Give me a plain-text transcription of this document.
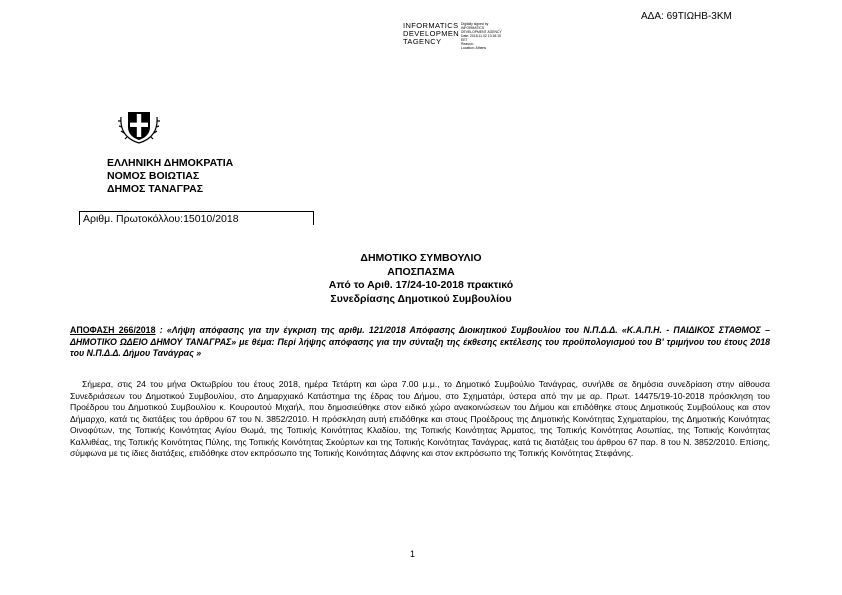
ΑΔΑ: 69ΤΙΩΗΒ-3ΚΜ
INFORMATICS
DEVELOPMEN
TAGENCY
Digitally signed by
INFORMATICS
DEVELOPMENT AGENCY
Date: 2018.11.02 13:18:15
EET
Reason:
Location: Athens
ΕΛΛΗΝΙΚΗ ΔΗΜΟΚΡΑΤΙΑ
ΝΟΜΟΣ ΒΟΙΩΤΙΑΣ
ΔΗΜΟΣ ΤΑΝΑΓΡΑΣ
Αριθμ. Πρωτοκόλλου:15010/2018
ΔΗΜΟΤΙΚΟ ΣΥΜΒΟΥΛΙΟ
ΑΠΟΣΠΑΣΜΑ
Από το Αριθ. 17/24-10-2018 πρακτικό
Συνεδρίασης Δημοτικού Συμβουλίου
ΑΠΟΦΑΣΗ 266/2018 : «Λήψη απόφασης για την έγκριση της αριθμ. 121/2018 Απόφασης Διοικητικού Συμβουλίου του Ν.Π.Δ.Δ. «Κ.Α.Π.Η. - ΠΑΙΔΙΚΟΣ ΣΤΑΘΜΟΣ – ΔΗΜΟΤΙΚΟ ΩΔΕΙΟ ΔΗΜΟΥ ΤΑΝΑΓΡΑΣ» με θέμα: Περί λήψης απόφασης για την σύνταξη της έκθεσης εκτέλεσης του προϋπολογισμού του Β' τριμήνου του έτους 2018 του Ν.Π.Δ.Δ. Δήμου Τανάγρας »
Σήμερα, στις 24 του μήνα Οκτωβρίου του έτους 2018, ημέρα Τετάρτη και ώρα 7.00 μ.μ., το Δημοτικό Συμβούλιο Τανάγρας, συνήλθε σε δημόσια συνεδρίαση στην αίθουσα Συνεδριάσεων του Δημοτικού Συμβουλίου, στο Δημαρχιακό Κατάστημα της έδρας του Δήμου, στο Σχηματάρι, ύστερα από την με αρ. Πρωτ. 14475/19-10-2018 πρόσκληση του Προέδρου του Δημοτικού Συμβουλίου κ. Κουρουτού Μιχαήλ, που δημοσιεύθηκε στον ειδικό χώρο ανακοινώσεων του Δήμου και επιδόθηκε στους Δημοτικούς Συμβούλους και στον Δήμαρχο, κατά τις διατάξεις του άρθρου 67 του Ν. 3852/2010. Η πρόσκληση αυτή επιδόθηκε και στους Προέδρους της Δημοτικής Κοινότητας Σχηματαρίου, της Δημοτικής Κοινότητας Οινοφύτων, της Τοπικής Κοινότητας Αγίου Θωμά, της Τοπικής Κοινότητας Κλαδίου, της Τοπικής Κοινότητας Άρματος, της Τοπικής Κοινότητας Ασωπίας, της Τοπικής Κοινότητας Καλλιθέας, της Τοπικής Κοινότητας Πύλης, της Τοπικής Κοινότητας Σκούρτων και της Τοπικής Κοινότητας Τανάγρας, κατά τις διατάξεις του άρθρου 67 παρ. 8 του Ν. 3852/2010. Επίσης, σύμφωνα με τις ίδιες διατάξεις, επιδόθηκε στον εκπρόσωπο της Τοπικής Κοινότητας Δάφνης και στον εκπρόσωπο της Τοπικής Κοινότητας Στεφάνης.
1
